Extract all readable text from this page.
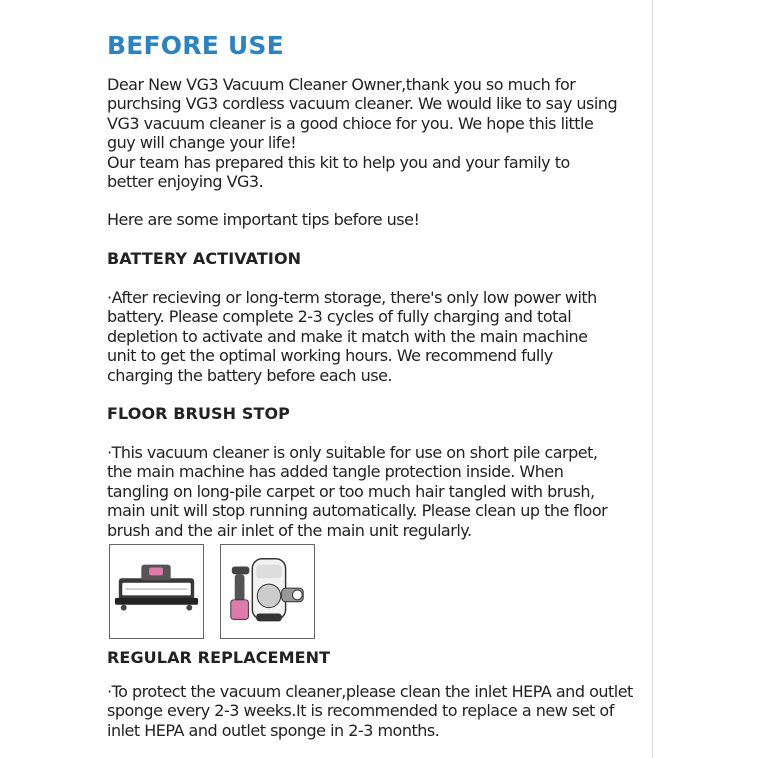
BEFORE USE

Dear New VG3 Vacuum Cleaner Owner,thank you so much for
purchsing VG3 cordless vacuum cleaner. We would like to say using
VG3 vacuum cleaner is a good chioce for you. We hope this little
guy will change your life!
Our team has prepared this kit to help you and your family to
better enjoying VG3.

Here are some important tips before use!

BATTERY ACTIVATION

·After recieving or long-term storage, there's only low power with
battery. Please complete 2-3 cycles of fully charging and total
depletion to activate and make it match with the main machine
unit to get the optimal working hours. We recommend fully
charging the battery before each use.

FLOOR BRUSH STOP

·This vacuum cleaner is only suitable for use on short pile carpet,
the main machine has added tangle protection inside. When
tangling on long-pile carpet or too much hair tangled with brush,
main unit will stop running automatically. Please clean up the floor
brush and the air inlet of the main unit regularly.

REGULAR REPLACEMENT

·To protect the vacuum cleaner,please clean the inlet HEPA and outlet
sponge every 2-3 weeks.It is recommended to replace a new set of
inlet HEPA and outlet sponge in 2-3 months.
